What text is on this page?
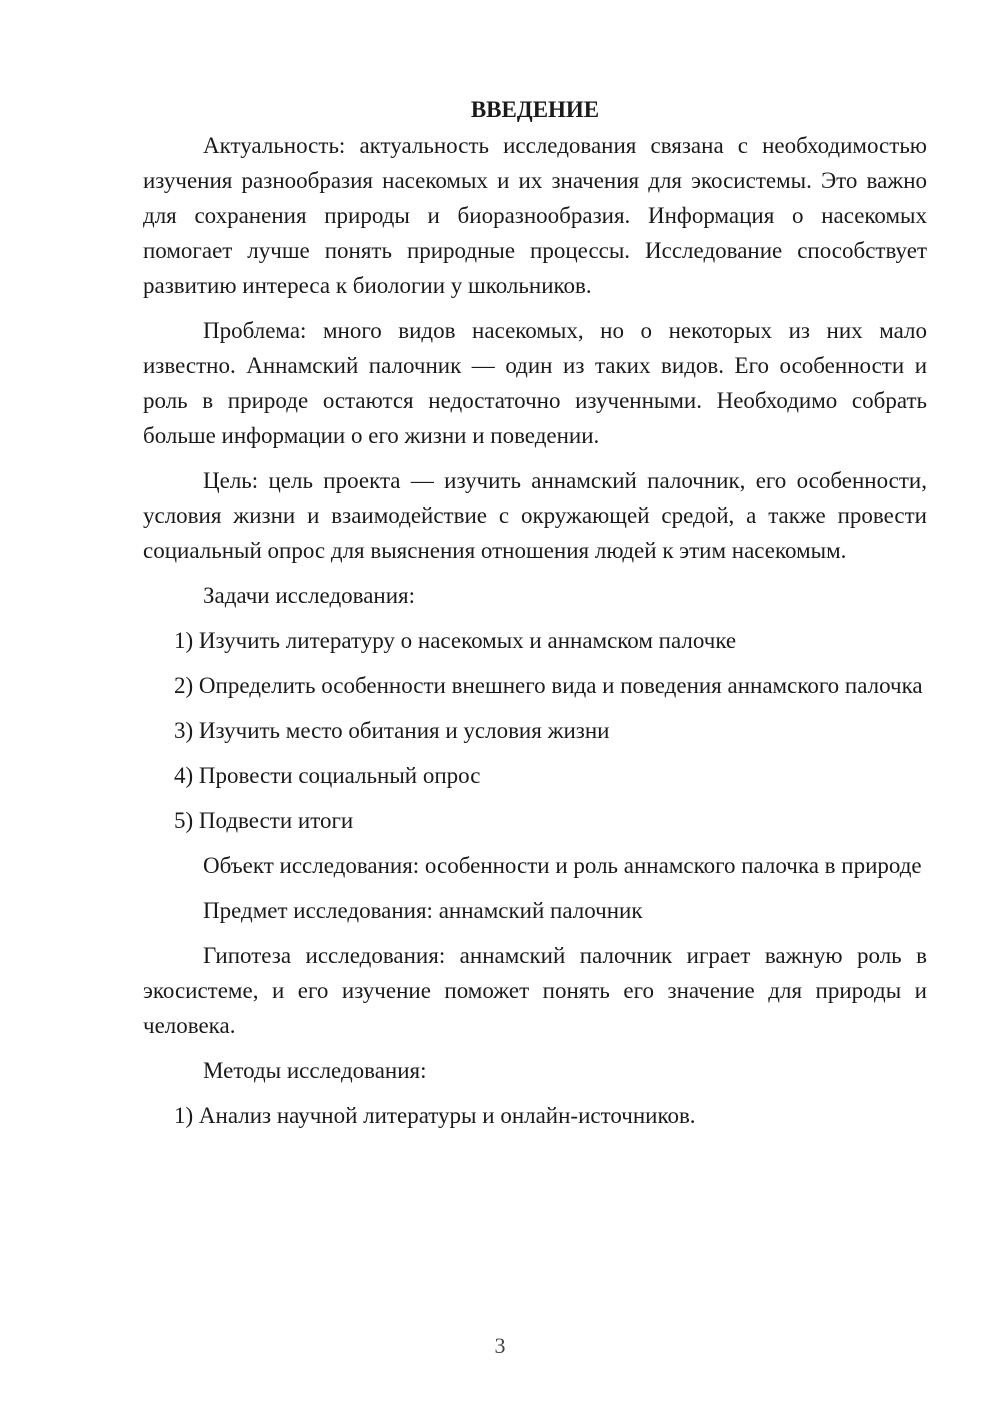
ВВЕДЕНИЕ

Актуальность: актуальность исследования связана с необходимостью изучения разнообразия насекомых и их значения для экосистемы. Это важно для сохранения природы и биоразнообразия. Информация о насекомых помогает лучше понять природные процессы. Исследование способствует развитию интереса к биологии у школьников.

Проблема: много видов насекомых, но о некоторых из них мало известно. Аннамский палочник — один из таких видов. Его особенности и роль в природе остаются недостаточно изученными. Необходимо собрать больше информации о его жизни и поведении.

Цель: цель проекта — изучить аннамский палочник, его особенности, условия жизни и взаимодействие с окружающей средой, а также провести социальный опрос для выяснения отношения людей к этим насекомым.

Задачи исследования:

1) Изучить литературу о насекомых и аннамском палочке

2) Определить особенности внешнего вида и поведения аннамского палочка

3) Изучить место обитания и условия жизни

4) Провести социальный опрос

5) Подвести итоги

Объект исследования: особенности и роль аннамского палочка в природе

Предмет исследования: аннамский палочник

Гипотеза исследования: аннамский палочник играет важную роль в экосистеме, и его изучение поможет понять его значение для природы и человека.

Методы исследования:

1) Анализ научной литературы и онлайн-источников.

3
